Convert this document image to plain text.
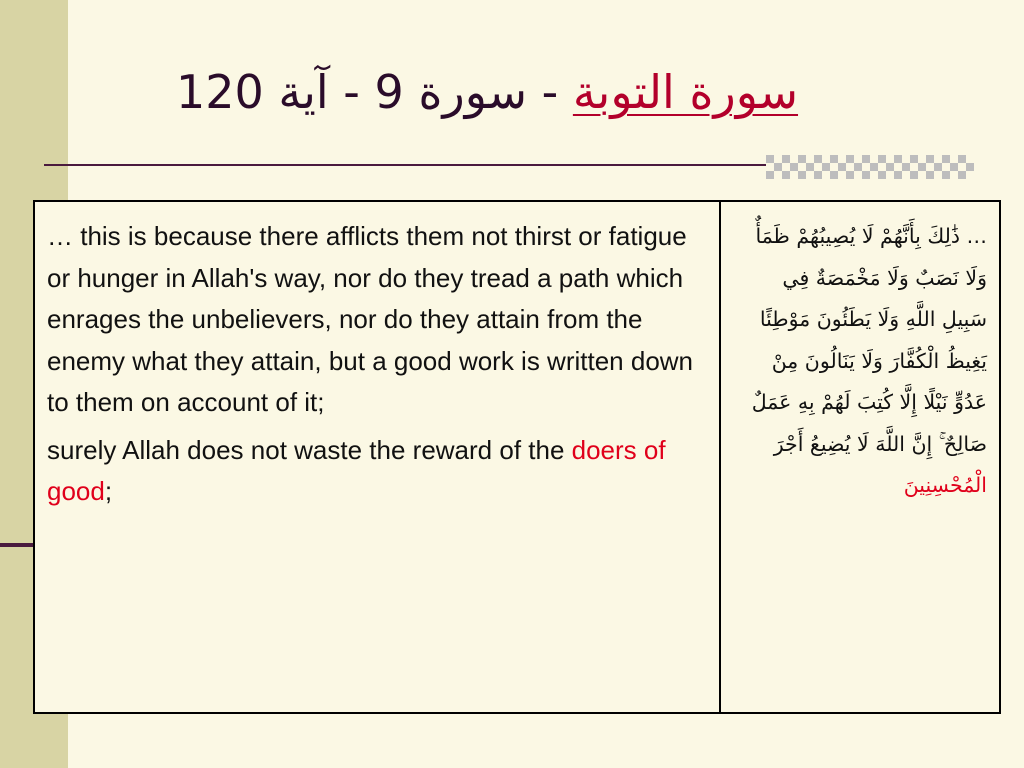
سورة التوبة - سورة 9 - آية 120

… this is because there afflicts them not thirst or fatigue or hunger in Allah's way, nor do they tread a path which enrages the unbelievers, nor do they attain from the enemy what they attain, but a good work is written down to them on account of it;

surely Allah does not waste the reward of the doers of good;

	… ذَٰلِكَ بِأَنَّهُمْ لَا يُصِيبُهُمْ ظَمَأٌ وَلَا نَصَبٌ وَلَا مَخْمَصَةٌ فِي سَبِيلِ اللَّهِ وَلَا يَطَئُونَ مَوْطِئًا يَغِيظُ الْكُفَّارَ وَلَا يَنَالُونَ مِنْ عَدُوٍّ نَيْلًا إِلَّا كُتِبَ لَهُمْ بِهِ عَمَلٌ صَالِحٌ ۚ إِنَّ اللَّهَ لَا يُضِيعُ أَجْرَ الْمُحْسِنِينَ
